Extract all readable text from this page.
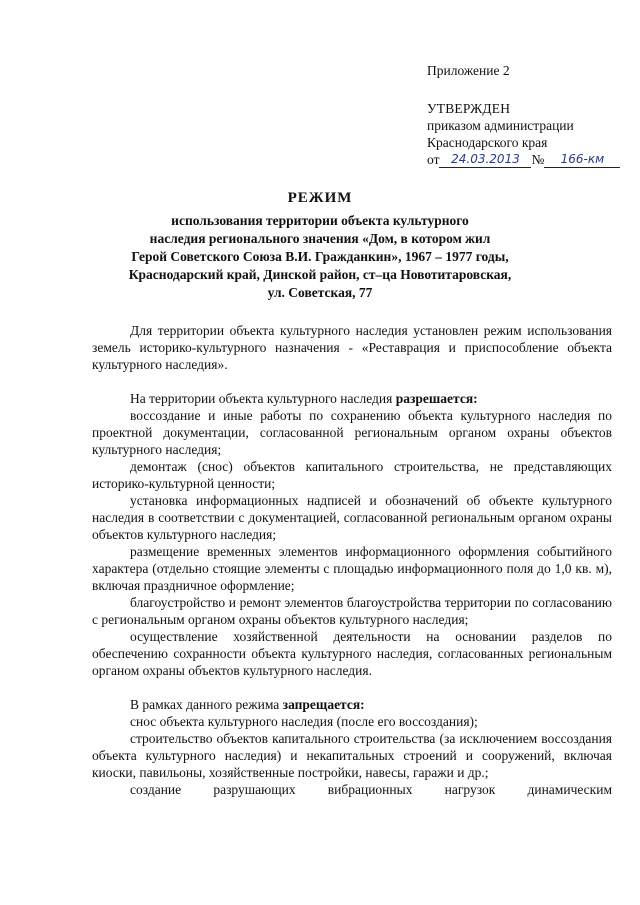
Приложение 2

УТВЕРЖДЕН

приказом администрации

Краснодарского края

от 24.03.2013 №	166-км

РЕЖИМ

использования территории объекта культурного

наследия регионального значения «Дом, в котором жил

Герой Советского Союза В.И. Гражданкин», 1967 – 1977 годы,

Краснодарский край, Динской район, ст–ца Новотитаровская,

ул. Советская, 77

Для территории объекта культурного наследия установлен режим использования земель историко-культурного назначения - «Реставрация и приспособление объекта культурного наследия».

На территории объекта культурного наследия разрешается:

воссоздание и иные работы по сохранению объекта культурного наследия по проектной документации, согласованной региональным органом охраны объектов культурного наследия;

демонтаж (снос) объектов капитального строительства, не представляющих историко-культурной ценности;

установка информационных надписей и обозначений об объекте культурного наследия в соответствии с документацией, согласованной региональным органом охраны объектов культурного наследия;

размещение временных элементов информационного оформления событийного характера (отдельно стоящие элементы с площадью информационного поля до 1,0 кв. м), включая праздничное оформление;

благоустройство и ремонт элементов благоустройства территории по согласованию с региональным органом охраны объектов культурного наследия;

осуществление хозяйственной деятельности на основании разделов по обеспечению сохранности объекта культурного наследия, согласованных региональным органом охраны объектов культурного наследия.

В рамках данного режима запрещается:

снос объекта культурного наследия (после его воссоздания);

строительство объектов капитального строительства (за исключением воссоздания объекта культурного наследия) и некапитальных строений и сооружений, включая киоски, павильоны, хозяйственные постройки, навесы, гаражи и др.;

создание разрушающих вибрационных нагрузок динамическим
